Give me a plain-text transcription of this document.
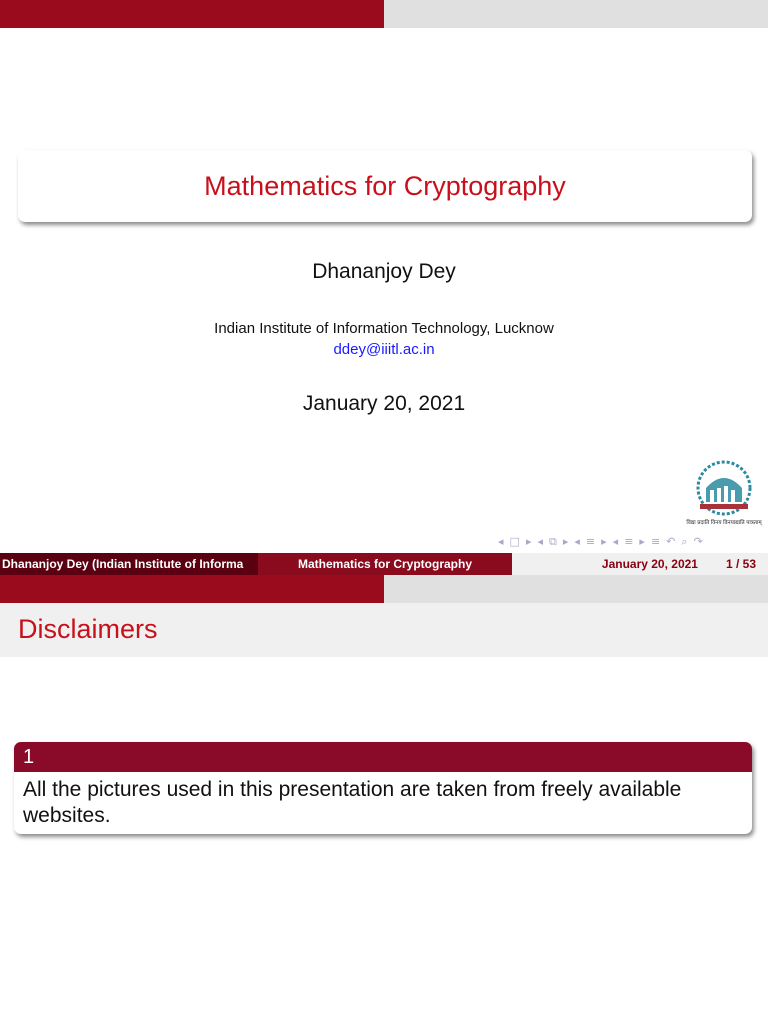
Mathematics for Cryptography
Dhananjoy Dey
Indian Institute of Information Technology, Lucknow
ddey@iiitl.ac.in
January 20, 2021
विद्या प्रदाति विनय विनयाद्याति पात्रताम्
◂ □ ▸ ◂ ⧉ ▸ ◂ ≡ ▸ ◂ ≡ ▸ ≡ ↶ ⌕ ↷
Dhananjoy Dey (Indian Institute of Informa	Mathematics for Cryptography	January 20, 2021 1 / 53
Disclaimers
1
All the pictures used in this presentation are taken from freely available websites.
